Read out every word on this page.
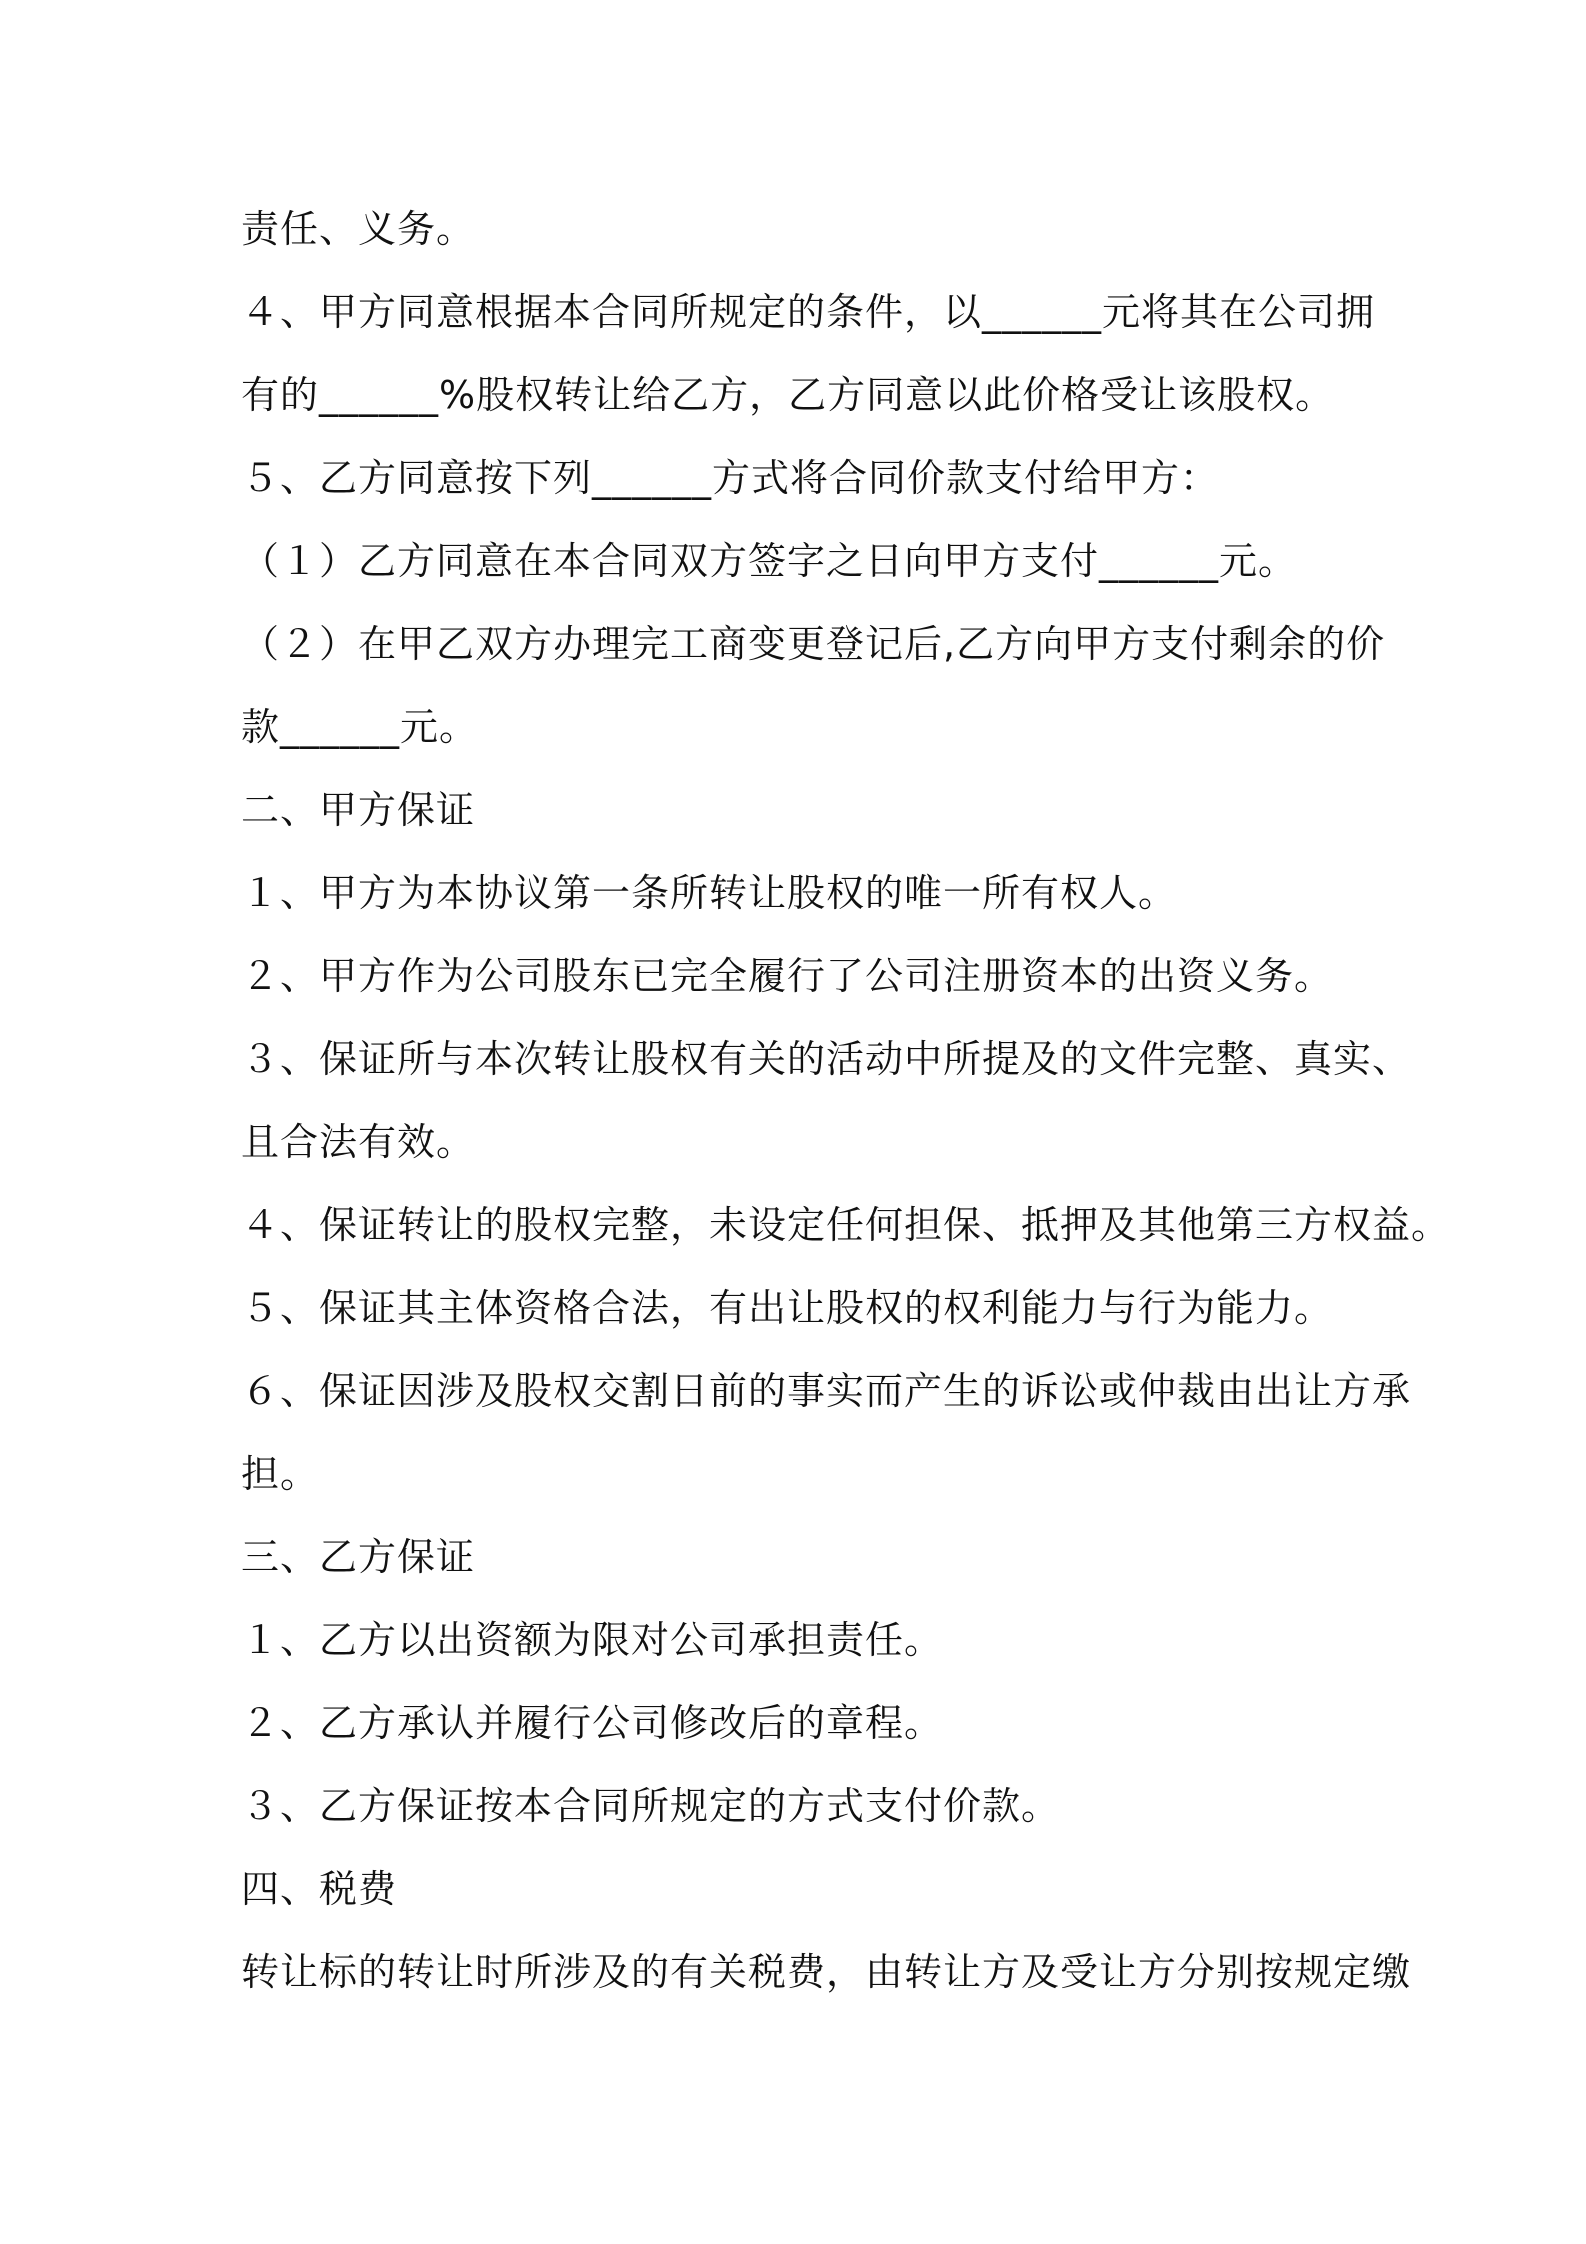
责任、义务。
４、甲方同意根据本合同所规定的条件，以______元将其在公司拥
有的______%股权转让给乙方，乙方同意以此价格受让该股权。
５、乙方同意按下列______方式将合同价款支付给甲方：
（１）乙方同意在本合同双方签字之日向甲方支付______元。
（２）在甲乙双方办理完工商变更登记后,乙方向甲方支付剩余的价
款______元。
二、甲方保证
１、甲方为本协议第一条所转让股权的唯一所有权人。
２、甲方作为公司股东已完全履行了公司注册资本的出资义务。
３、保证所与本次转让股权有关的活动中所提及的文件完整、真实、
且合法有效。
４、保证转让的股权完整，未设定任何担保、抵押及其他第三方权益。
５、保证其主体资格合法，有出让股权的权利能力与行为能力。
６、保证因涉及股权交割日前的事实而产生的诉讼或仲裁由出让方承
担。
三、乙方保证
１、乙方以出资额为限对公司承担责任。
２、乙方承认并履行公司修改后的章程。
３、乙方保证按本合同所规定的方式支付价款。
四、税费
转让标的转让时所涉及的有关税费，由转让方及受让方分别按规定缴
